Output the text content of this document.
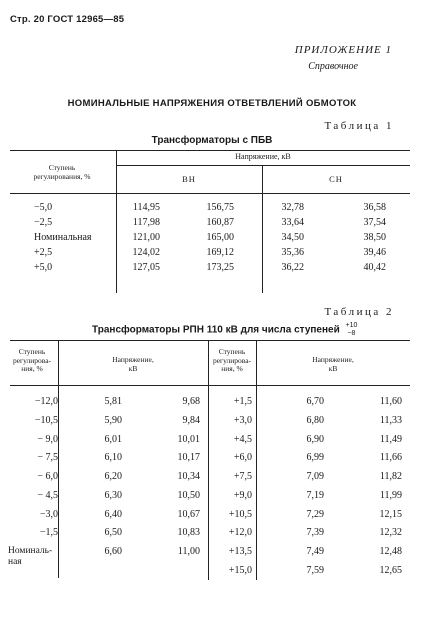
Стр. 20 ГОСТ 12965—85
ПРИЛОЖЕНИЕ 1
Справочное
НОМИНАЛЬНЫЕ НАПРЯЖЕНИЯ ОТВЕТВЛЕНИЙ ОБМОТОК
Таблица 1
Трансформаторы с ПБВ
Ступень
регулирования, %
Напряжение, кВ
ВН	СН
−5,0	114,95	156,75	32,78	36,58
−2,5	117,98	160,87	33,64	37,54
Номинальная	121,00	165,00	34,50	38,50
+2,5	124,02	169,12	35,36	39,46
+5,0	127,05	173,25	36,22	40,42
Таблица 2
Трансформаторы РПН 110 кВ для числа ступеней +10
−8
Ступень
регулирова-
ния, %
Напряжение,
кВ
Ступень
регулирова-
ния, %
Напряжение,
кВ
−12,0	5,81	9,68
−10,5	5,90	9,84
− 9,0	6,01	10,01
− 7,5	6,10	10,17
− 6,0	6,20	10,34
− 4,5	6,30	10,50
−3,0	6,40	10,67
−1,5	6,50	10,83
Номиналь-
ная
6,60	11,00
+1,5	6,70	11,60
+3,0	6,80	11,33
+4,5	6,90	11,49
+6,0	6,99	11,66
+7,5	7,09	11,82
+9,0	7,19	11,99
+10,5	7,29	12,15
+12,0	7,39	12,32
+13,5	7,49	12,48
+15,0	7,59	12,65
